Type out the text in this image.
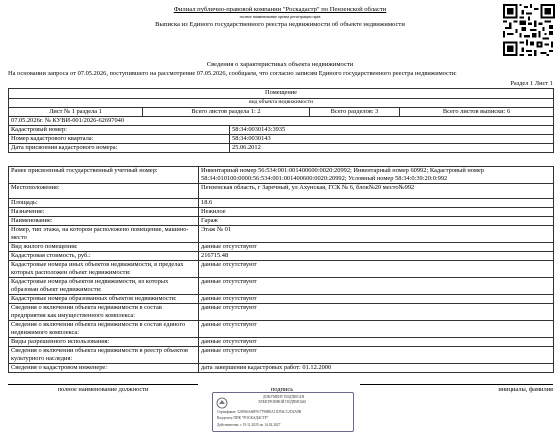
Филиал публично-правовой компании "Роскадастр" по Пензенской области
полное наименование органа регистрации прав
Выписка из Единого государственного реестра недвижимости об объекте недвижимости
Сведения о характеристиках объекта недвижимости
На основании запроса от 07.05.2026, поступившего на рассмотрение 07.05.2026, сообщаем, что согласно записям Единого государственного реестра недвижимости:
Раздел 1 Лист 1
Помещение				
вид объекта недвижимости				
Лист № 1 раздела 1	Всего листов раздела 1: 2		Всего разделов: 3	Всего листов выписки: 6
07.05.2026г. № КУВИ-001/2026-62697040				
Кадастровый номер:		58:34:0030143:3935		
Номер кадастрового квартала:		58:34:0030143		
Дата присвоения кадастрового номера:		25.06.2012		
Ранее присвоенный государственный учетный номер:	Инвентарный номер 56:534:001:001400600:0020:20992; Инвентарный номер 60992; Кадастровый номер 58:34:010100:0000:56:534:001:001400600:0020:20992; Условный номер 58:34:0:39:20:0:992
Местоположение:	Пензенская область, г Заречный, ул Ахунская, ГСК № 6, блок№20 место№992
Площадь:	18.6
Назначение:	Нежилое
Наименование:	Гараж
Номер, тип этажа, на котором расположено помещение, машино-место	Этаж № 01
Вид жилого помещения:	данные отсутствуют
Кадастровая стоимость, руб.:	216715.48
Кадастровые номера иных объектов недвижимости, в пределах которых расположен объект недвижимости:	данные отсутствуют
Кадастровые номера объектов недвижимости, из которых образован объект недвижимости:	данные отсутствуют
Кадастровые номера образованных объектов недвижимости:	данные отсутствуют
Сведения о включении объекта недвижимости в состав предприятия как имущественного комплекса:	данные отсутствуют
Сведения о включении объекта недвижимости в состав единого недвижимого комплекса:	данные отсутствуют
Виды разрешенного использования:	данные отсутствуют
Сведения о включении объекта недвижимости в реестр объектов культурного наследия:	данные отсутствуют
Сведения о кадастровом инженере:	дата завершения кадастровых работ: 01.12.2000
полное наименование должности	инициалы, фамилия
подпись
ДОКУМЕНТ ПОДПИСАН
ЭЛЕКТРОННОЙ ПОДПИСЬЮ
Сертификат: 520936A60F917798B0A11D56CC2D2A9B
Владелец: ППК "РОСКАДАСТР"
Действителен: с 19.11.2025 по 14.02.2027
